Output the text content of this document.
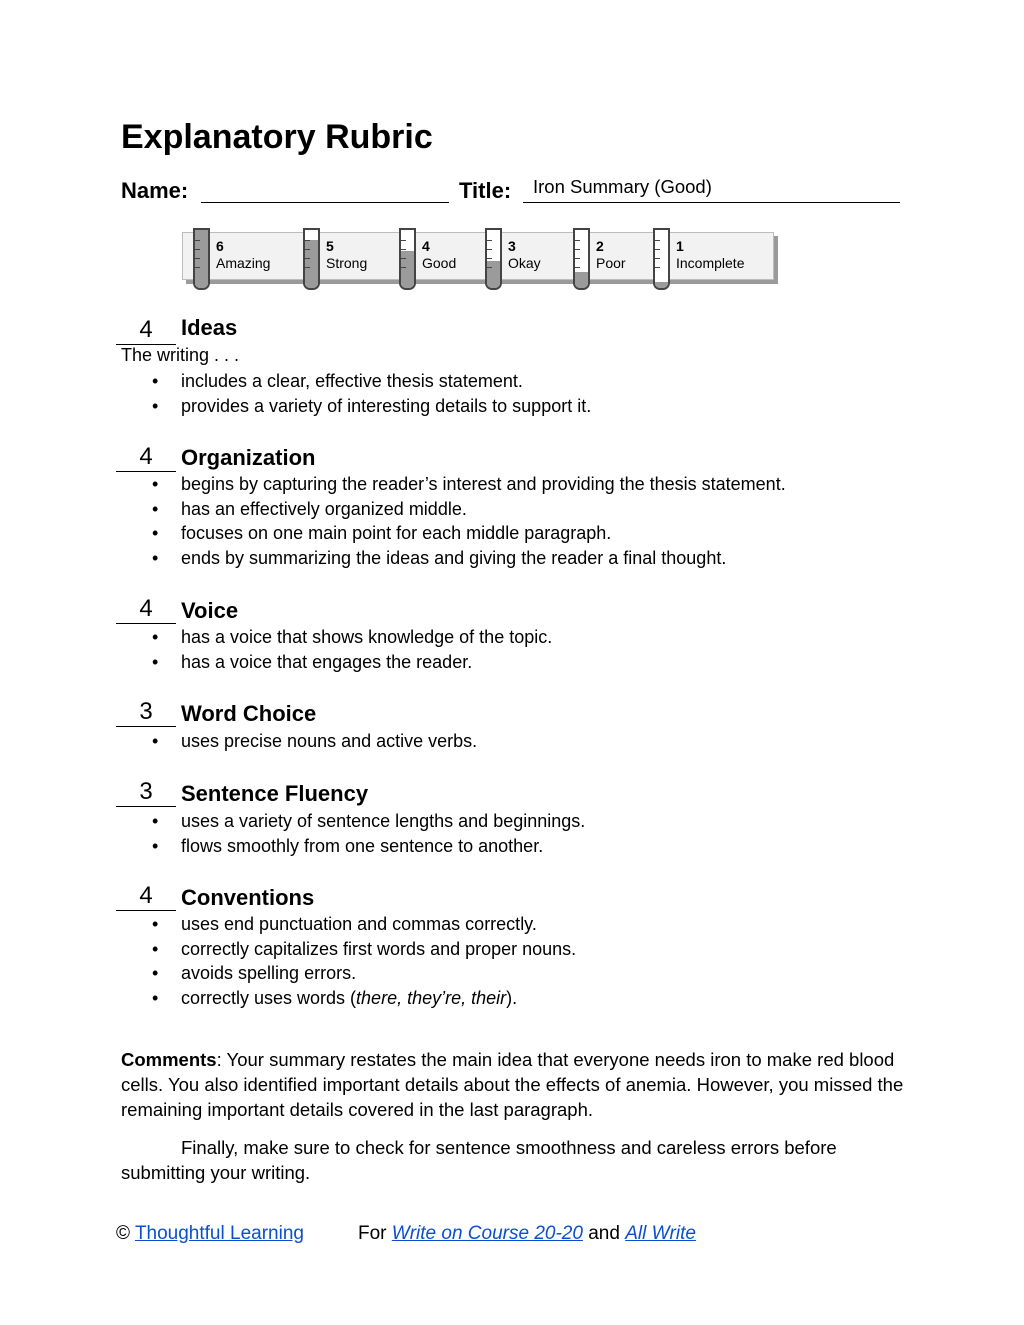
Explanatory Rubric
Name:	Title: Iron Summary (Good)
6
Amazing
5
Strong
4
Good
3
Okay
2
Poor
1
Incomplete
4	Ideas
The writing . . .
• includes a clear, effective thesis statement.
• provides a variety of interesting details to support it.
4	Organization
• begins by capturing the reader’s interest and providing the thesis statement.
• has an effectively organized middle.
• focuses on one main point for each middle paragraph.
• ends by summarizing the ideas and giving the reader a final thought.
4	Voice
• has a voice that shows knowledge of the topic.
• has a voice that engages the reader.
3	Word Choice
• uses precise nouns and active verbs.
3	Sentence Fluency
• uses a variety of sentence lengths and beginnings.
• flows smoothly from one sentence to another.
4	Conventions
• uses end punctuation and commas correctly.
• correctly capitalizes first words and proper nouns.
• avoids spelling errors.
• correctly uses words (there, they’re, their).
Comments: Your summary restates the main idea that everyone needs iron to make red blood cells. You also identified important details about the effects of anemia. However, you missed the remaining important details covered in the last paragraph.
Finally, make sure to check for sentence smoothness and careless errors before submitting your writing.
© Thoughtful Learning	For Write on Course 20-20 and All Write
